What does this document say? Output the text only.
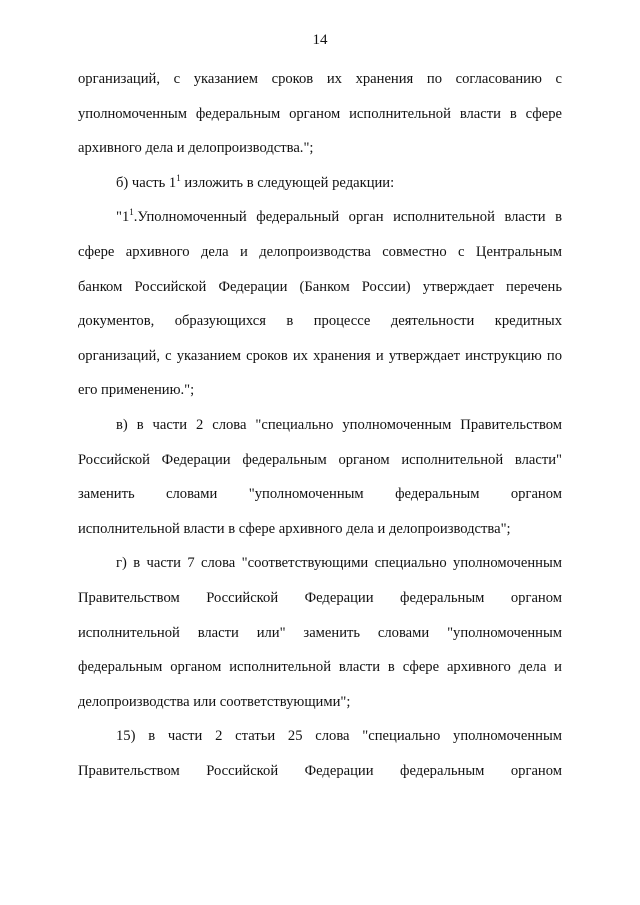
14
организаций, с указанием сроков их хранения по согласованию с
уполномоченным федеральным органом исполнительной власти в сфере
архивного дела и делопроизводства.";
б) часть $1^1$ изложить в следующей редакции:
"$1^1.Уполномоченный$ федеральный орган исполнительной власти в
сфере архивного дела и делопроизводства совместно с Центральным
банком Российской Федерации (Банком России) утверждает перечень
документов, образующихся в процессе деятельности кредитных
организаций, с указанием сроков их хранения и утверждает инструкцию по
его применению.";
в) в части 2 слова "специально уполномоченным Правительством
Российской Федерации федеральным органом исполнительной власти"
заменить словами "уполномоченным федеральным органом
исполнительной власти в сфере архивного дела и делопроизводства";
г) в части 7 слова "соответствующими специально уполномоченным
Правительством Российской Федерации федеральным органом
исполнительной власти или" заменить словами "уполномоченным
федеральным органом исполнительной власти в сфере архивного дела и
делопроизводства или соответствующими";
15) в части 2 статьи 25 слова "специально уполномоченным
Правительством Российской Федерации федеральным органом
